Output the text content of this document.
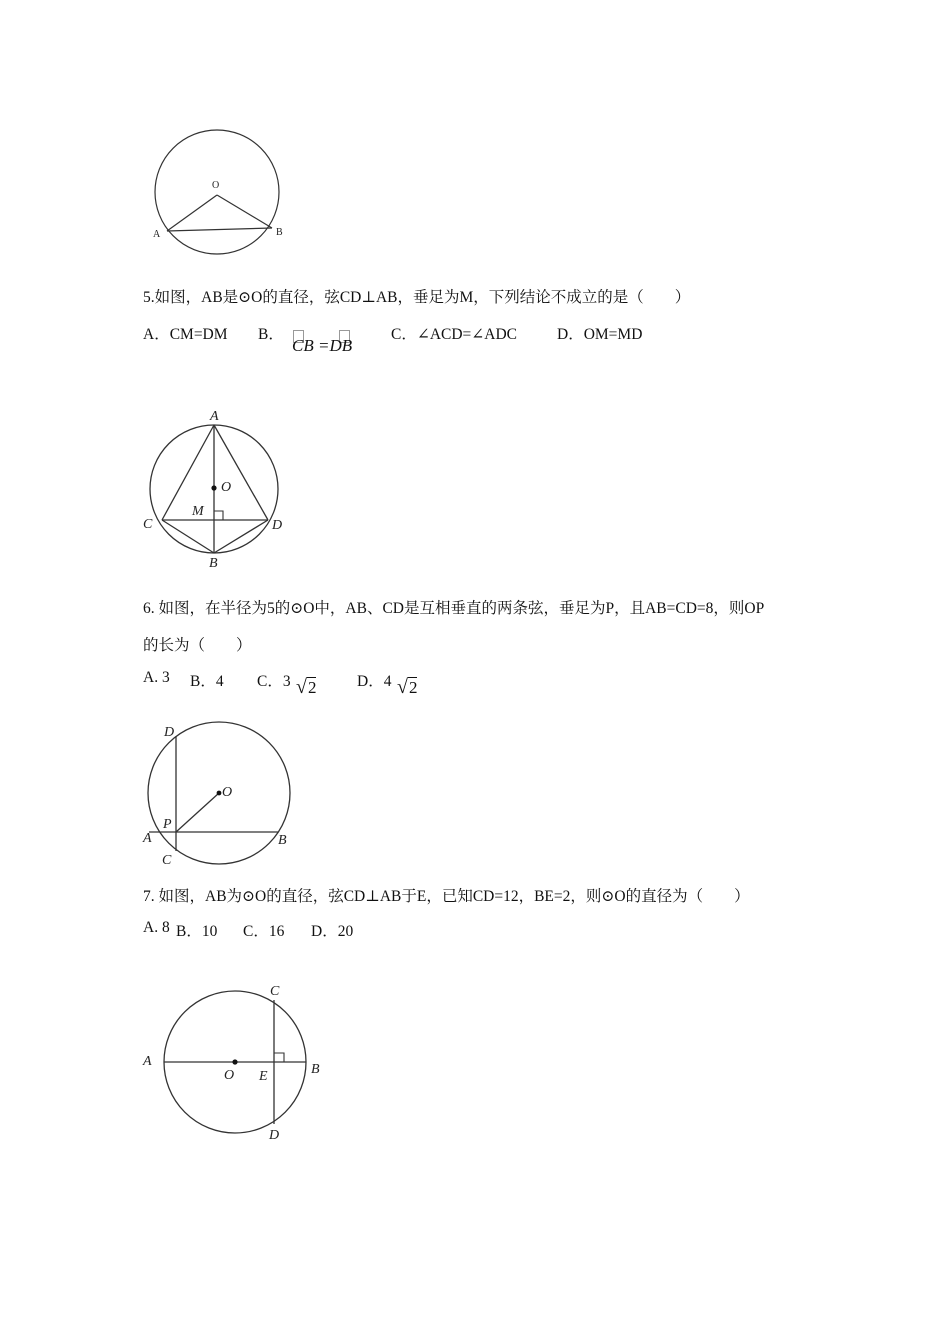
O
A	B
5.如图，AB是⊙O的直径，弦CD⊥AB，垂足为M，下列结论不成立的是（　　）
A．CM=DM B．
CB =DB
C．∠ACD=∠ADC	D．OM=MD
A
O
M
C	D
B
6. 如图，在半径为5的⊙O中，AB、CD是互相垂直的两条弦，垂足为P，且AB=CD=8，则OP
的长为（　　）
A. 3 B．4 C．3 √2	D．4 √2
D
O
P
A	B
C
7. 如图，AB为⊙O的直径，弦CD⊥AB于E，已知CD=12，BE=2，则⊙O的直径为（　　）
A. 8 B．10 C．16 D．20
C
A
O E	B
D
